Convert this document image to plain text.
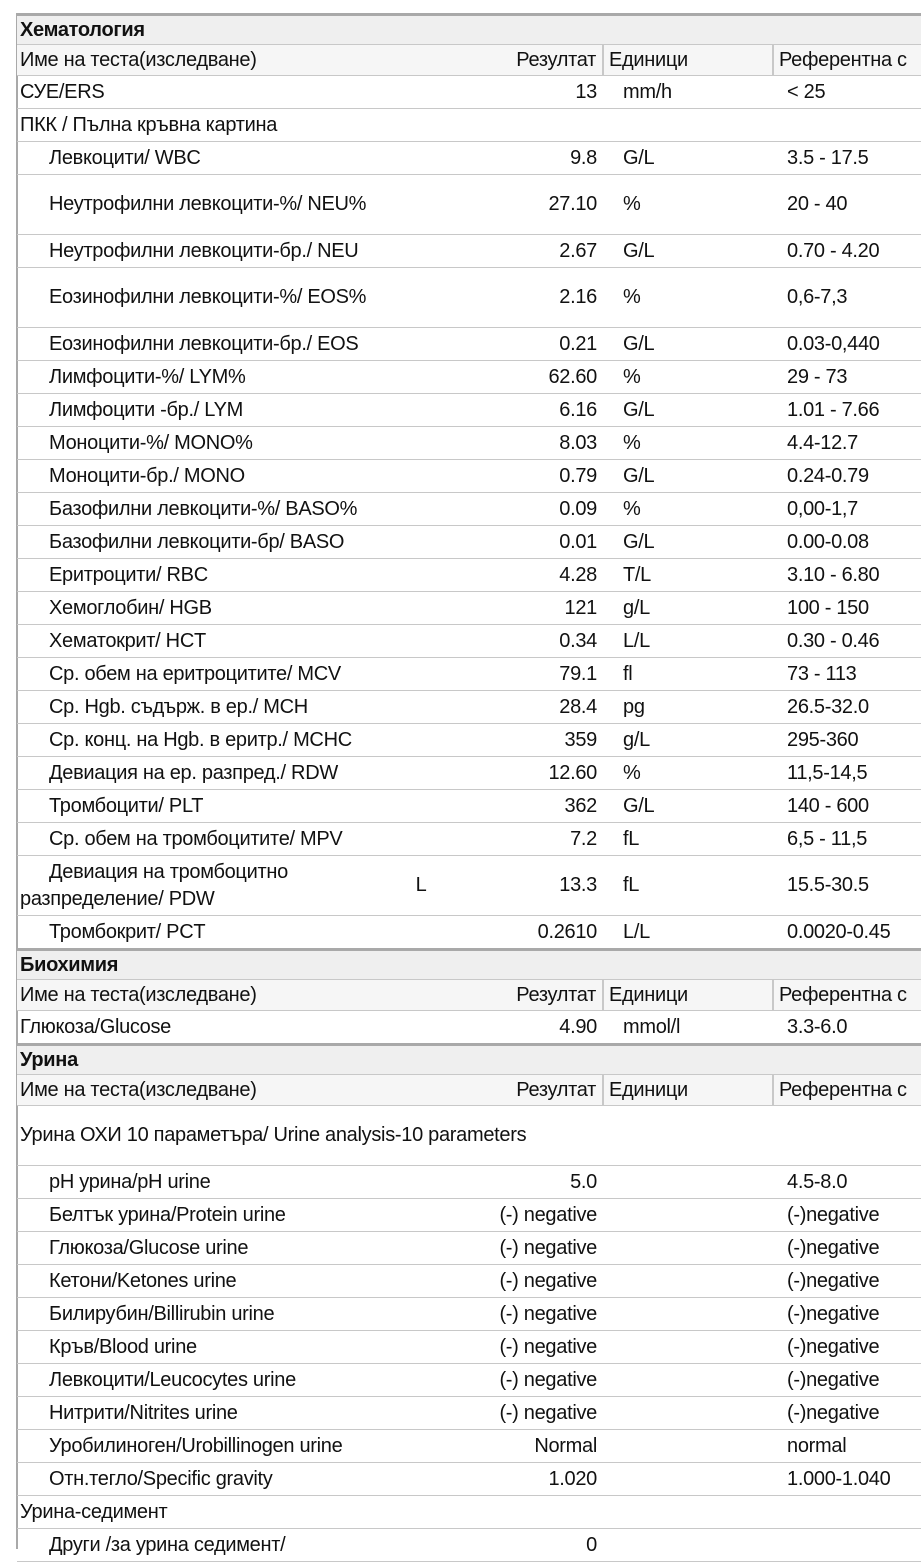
Хематология				
Име на теста(изследване)		Резултат	Единици	Референтна с
СУЕ/ERS		13	mm/h	< 25
ПКК / Пълна кръвна картина				
Левкоцити/ WBC		9.8	G/L	3.5 - 17.5
Неутрофилни левкоцити-%/ NEU%		27.10	%	20 - 40
Неутрофилни левкоцити-бр./ NEU		2.67	G/L	0.70 - 4.20
Еозинофилни левкоцити-%/ EOS%		2.16	%	0,6-7,3
Еозинофилни левкоцити-бр./ EOS		0.21	G/L	0.03-0,440
Лимфоцити-%/ LYM%		62.60	%	29 - 73
Лимфоцити -бр./ LYM		6.16	G/L	1.01 - 7.66
Моноцити-%/ MONO%		8.03	%	4.4-12.7
Моноцити-бр./ MONO		0.79	G/L	0.24-0.79
Базофилни левкоцити-%/ BASO%		0.09	%	0,00-1,7
Базофилни левкоцити-бр/ BASO		0.01	G/L	0.00-0.08
Еритроцити/ RBC		4.28	T/L	3.10 - 6.80
Хемоглобин/ HGB		121	g/L	100 - 150
Хематокрит/ HCT		0.34	L/L	0.30 - 0.46
Ср. обем на еритроцитите/ MCV		79.1	fl	73 - 113
Ср. Hgb. съдърж. в ер./ MCH		28.4	pg	26.5-32.0
Ср. конц. на Hgb. в еритр./ MCHC		359	g/L	295-360
Девиация на ер. разпред./ RDW		12.60	%	11,5-14,5
Тромбоцити/ PLT		362	G/L	140 - 600
Ср. обем на тромбоцитите/ MPV		7.2	fL	6,5 - 11,5
Девиация на тромбоцитно разпределение/ PDW	L	13.3	fL	15.5-30.5
Тромбокрит/ PCT		0.2610	L/L	0.0020-0.45
Биохимия				
Име на теста(изследване)		Резултат	Единици	Референтна с
Глюкоза/Glucose		4.90	mmol/l	3.3-6.0
Урина				
Име на теста(изследване)		Резултат	Единици	Референтна с
Урина ОХИ 10 параметъра/ Urine analysis-10 parameters				
pH урина/pH urine		5.0		4.5-8.0
Белтък урина/Protein urine		(-) negative		(-)negative
Глюкоза/Glucose urine		(-) negative		(-)negative
Кетони/Ketones urine		(-) negative		(-)negative
Билирубин/Billirubin urine		(-) negative		(-)negative
Кръв/Blood urine		(-) negative		(-)negative
Левкоцити/Leucocytes urine		(-) negative		(-)negative
Нитрити/Nitrites urine		(-) negative		(-)negative
Уробилиноген/Urobillinogen urine		Normal		normal
Отн.тегло/Specific gravity		1.020		1.000-1.040
Урина-седимент				
Други /за урина седимент/		0		
